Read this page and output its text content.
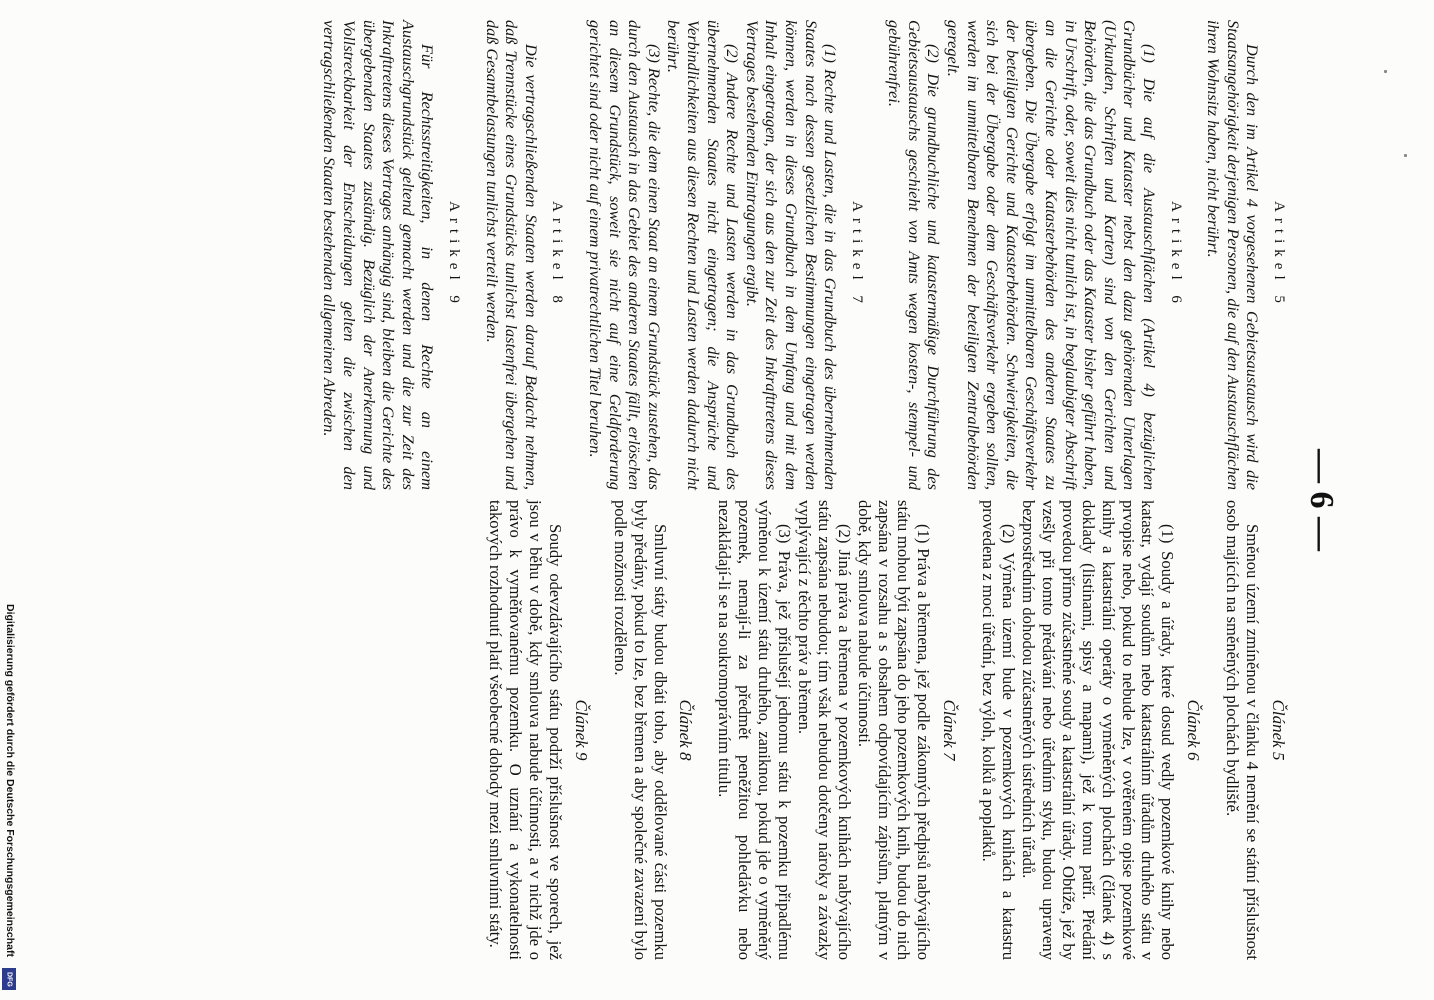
— 6 —
Artikel 5

Durch den im Artikel 4 vorgesehenen Gebietsaustausch wird die Staatsangehörigkeit derjenigen Personen, die auf den Austauschflächen ihren Wohnsitz haben, nicht berührt.

Artikel 6

(1) Die auf die Austauschflächen (Artikel 4) bezüglichen Grundbücher und Kataster nebst den dazu gehörenden Unterlagen (Urkunden, Schriften und Karten) sind von den Gerichten und Behörden, die das Grundbuch oder das Kataster bisher geführt haben, in Urschrift, oder, soweit dies nicht tunlich ist, in beglaubigter Abschrift an die Gerichte oder Katasterbehörden des anderen Staates zu übergeben. Die Übergabe erfolgt im unmittelbaren Geschäftsverkehr der beteiligten Gerichte und Katasterbehörden. Schwierigkeiten, die sich bei der Übergabe oder dem Geschäftsverkehr ergeben sollten, werden im unmittelbaren Benehmen der beteiligten Zentralbehörden geregelt.

(2) Die grundbuchliche und katastermäßige Durchführung des Gebietsaustauschs geschieht von Amts wegen kosten-, stempel- und gebührenfrei.

Artikel 7

(1) Rechte und Lasten, die in das Grundbuch des übernehmenden Staates nach dessen gesetzlichen Bestimmungen eingetragen werden können, werden in dieses Grundbuch in dem Umfang und mit dem Inhalt eingetragen, der sich aus den zur Zeit des Inkrafttretens dieses Vertrages bestehenden Eintragungen ergibt.

(2) Andere Rechte und Lasten werden in das Grundbuch des übernehmenden Staates nicht eingetragen; die Ansprüche und Verbindlichkeiten aus diesen Rechten und Lasten werden dadurch nicht berührt.

(3) Rechte, die dem einen Staat an einem Grundstück zustehen, das durch den Austausch in das Gebiet des anderen Staates fällt, erlöschen an diesem Grundstück, soweit sie nicht auf eine Geldforderung gerichtet sind oder nicht auf einem privatrechtlichen Titel beruhen.

Artikel 8

Die vertragschließenden Staaten werden darauf Bedacht nehmen, daß Trennstücke eines Grundstücks tunlichst lastenfrei übergehen und daß Gesamtbelastungen tunlichst verteilt werden.

Artikel 9

Für Rechtsstreitigkeiten, in denen Rechte an einem Austauschgrundstück geltend gemacht werden und die zur Zeit des Inkrafttretens dieses Vertrages anhängig sind, bleiben die Gerichte des übergebenden Staates zuständig. Bezüglich der Anerkennung und Vollstreckbarkeit der Entscheidungen gelten die zwischen den vertragschließenden Staaten bestehenden allgemeinen Abreden.

Článek 5

Směnou území zmíněnou v článku 4 nemění se státní příslušnost osob majících na směněných plochách bydliště.

Článek 6

(1) Soudy a úřady, které dosud vedly pozemkové knihy nebo katastr, vydají soudům nebo katastrálním úřadům druhého státu v prvopise nebo, pokud to nebude lze, v ověřeném opise pozemkové knihy a katastrální operáty o vyměněných plochách (článek 4) s doklady (listinami, spisy a mapami), jež k tomu patří. Předání provedou přímo zúčastněné soudy a katastrální úřady. Obtíže, jež by vzešly při tomto předávání nebo úředním styku, budou upraveny bezprostředním dohodou zúčastněných ústředních úřadů.

(2) Výměna území bude v pozemkových knihách a katastru provedena z moci úřední, bez výloh, kolků a poplatků.

Článek 7

(1) Práva a břemena, jež podle zákonných předpisů nabývajícího státu mohou býti zapsána do jeho pozemkových knih, budou do nich zapsána v rozsahu a s obsahem odpovídajícím zápisům, platným v době, kdy smlouva nabude účinnosti.

(2) Jiná práva a břemena v pozemkových knihách nabývajícího státu zapsána nebudou; tím však nebudou dotčeny nároky a závazky vyplývající z těchto práv a břemen.

(3) Práva, jež příslušejí jednomu státu k pozemku připadlému výměnou k území státu druhého, zaniknou, pokud jde o vyměněný pozemek, nemají-li za předmět peněžitou pohledávku nebo nezakládají-li se na soukromoprávním titulu.

Článek 8

Smluvní státy budou dbáti toho, aby oddělované části pozemku byly předány, pokud to lze, bez břemen a aby společné zavazení bylo podle možnosti rozděleno.

Článek 9

Soudy odevzdávajícího státu podrží příslušnost ve sporech, jež jsou v běhu v době, kdy smlouva nabude účinnosti, a v nichž jde o právo k vyměňovanému pozemku. O uznání a vykonatelnosti takových rozhodnutí platí všeobecné dohody mezi smluvními státy.

Digitalisierung gefördert durch die Deutsche Forschungsgemeinschaft
DFG
